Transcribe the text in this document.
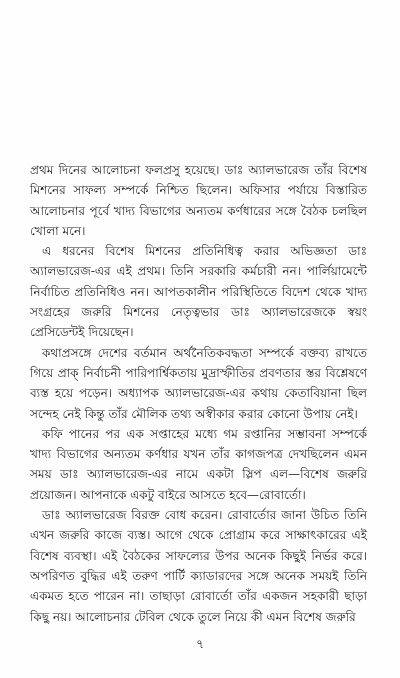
প্রথম দিনের আলোচনা ফলপ্রসু হয়েছে। ডাঃ অ্যালভারেজ তাঁর বিশেষ মিশনের সাফল্য সম্পর্কে নিশ্চিত ছিলেন। অফিসার পর্যায়ে বিস্তারিত আলোচনার পূর্বে খাদ্য বিভাগের অন্যতম কর্ণধারের সঙ্গে বৈঠক চলছিল খোলা মনে।

এ ধরনের বিশেষ মিশনের প্রতিনিধিত্ব করার অভিজ্ঞতা ডাঃ অ্যালভারেজ-এর এই প্রথম। তিনি সরকারি কর্মচারী নন। পার্লিয়ামেন্টে নির্বাচিত প্রতিনিধিও নন। আপতকালীন পরিস্থিতিতে বিদেশ থেকে খাদ্য সংগ্রহের জরুরি মিশনের নেতৃত্বভার ডাঃ অ্যালভারেজকে স্বয়ং প্রেসিডেন্টই দিয়েছেন।

কথাপ্রসঙ্গে দেশের বর্তমান অর্থনৈতিকবদ্ধতা সম্পর্কে বক্তব্য রাখতে গিয়ে প্রাক্‌ নির্বাচনী পারিপার্শ্বিকতায় মুদ্রাস্ফীতির প্রবণতার স্তর বিশ্লেষণে ব্যস্ত হয়ে পড়েন। অধ্যাপক অ্যালভারেজ-এর কথায় কেতাবিয়ানা ছিল সন্দেহ নেই কিন্তু তাঁর মৌলিক তথ্য অস্বীকার করার কোনো উপায় নেই।

কফি পানের পর এক সপ্তাহের মধ্যে গম রপ্তানির সম্ভাবনা সম্পর্কে খাদ্য বিভাগের অন্যতম কর্ণধার যখন তাঁর কাগজপত্র দেখছিলেন এমন সময় ডাঃ অ্যালভারেজ-এর নামে একটা স্লিপ এল—বিশেষ জরুরি প্রয়োজন। আপনাকে একটু বাইরে আসতে হবে—রোবার্তো।

ডাঃ অ্যালভারেজ বিরক্ত বোধ করেন। রোবার্তোর জানা উচিত তিনি এখন জরুরি কাজে ব্যস্ত। আগে থেকে প্রোগ্রাম করে সাক্ষাৎকারের এই বিশেষ ব্যবস্থা। এই বৈঠকের সাফল্যের উপর অনেক কিছুই নির্ভর করে। অপরিণত বুদ্ধির এই তরুণ পার্টি ক্যাডারদের সঙ্গে অনেক সময়ই তিনি একমত হতে পারেন না। তাছাড়া রোবার্তো তাঁর একজন সহকারী ছাড়া কিছু নয়। আলোচনার টেবিল থেকে তুলে নিয়ে কী এমন বিশেষ জরুরি

৭
